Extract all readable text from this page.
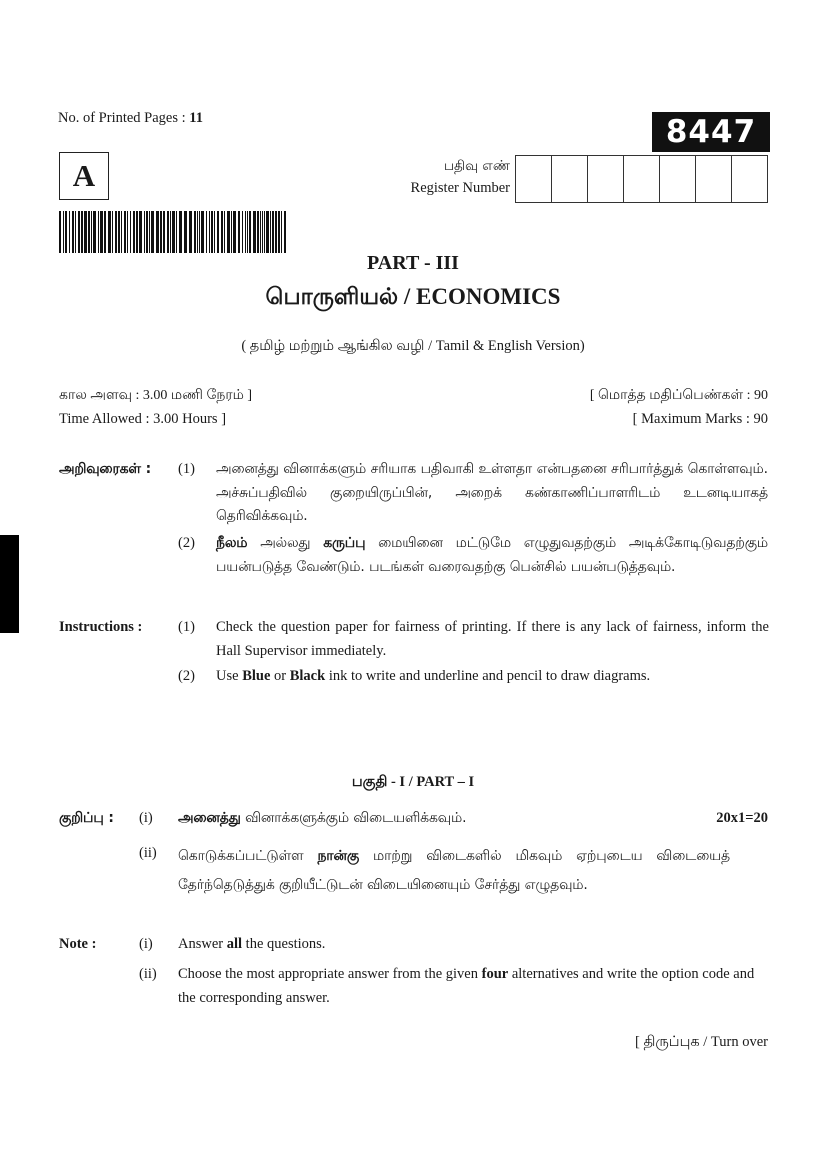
No. of Printed Pages : 11	8447
A	பதிவு எண்
Register Number
PART - III
பொருளியல் / ECONOMICS
( தமிழ் மற்றும் ஆங்கில வழி / Tamil & English Version)
கால அளவு : 3.00 மணி நேரம் ]
Time Allowed : 3.00 Hours ]
[ மொத்த மதிப்பெண்கள் : 90
[ Maximum Marks : 90
அறிவுரைகள் : (1) அனைத்து வினாக்களும் சரியாக பதிவாகி உள்ளதா என்பதனை சரிபார்த்துக் கொள்ளவும். அச்சுப்பதிவில் குறையிருப்பின், அறைக் கண்காணிப்பாளரிடம் உடனடியாகத் தெரிவிக்கவும்.
(2) நீலம் அல்லது கருப்பு மையினை மட்டுமே எழுதுவதற்கும் அடிக்கோடிடுவதற்கும் பயன்படுத்த வேண்டும். படங்கள் வரைவதற்கு பென்சில் பயன்படுத்தவும்.
Instructions : (1) Check the question paper for fairness of printing. If there is any lack of fairness, inform the Hall Supervisor immediately.
(2) Use Blue or Black ink to write and underline and pencil to draw diagrams.
பகுதி - I / PART – I
குறிப்பு : (i) அனைத்து வினாக்களுக்கும் விடையளிக்கவும்.	20x1=20
(ii) கொடுக்கப்பட்டுள்ள நான்கு மாற்று விடைகளில் மிகவும் ஏற்புடைய விடையைத் தேர்ந்தெடுத்துக் குறியீட்டுடன் விடையினையும் சேர்த்து எழுதவும்.
Note :	(i) Answer all the questions.
(ii) Choose the most appropriate answer from the given four alternatives and write the option code and the corresponding answer.
[ திருப்புக / Turn over
